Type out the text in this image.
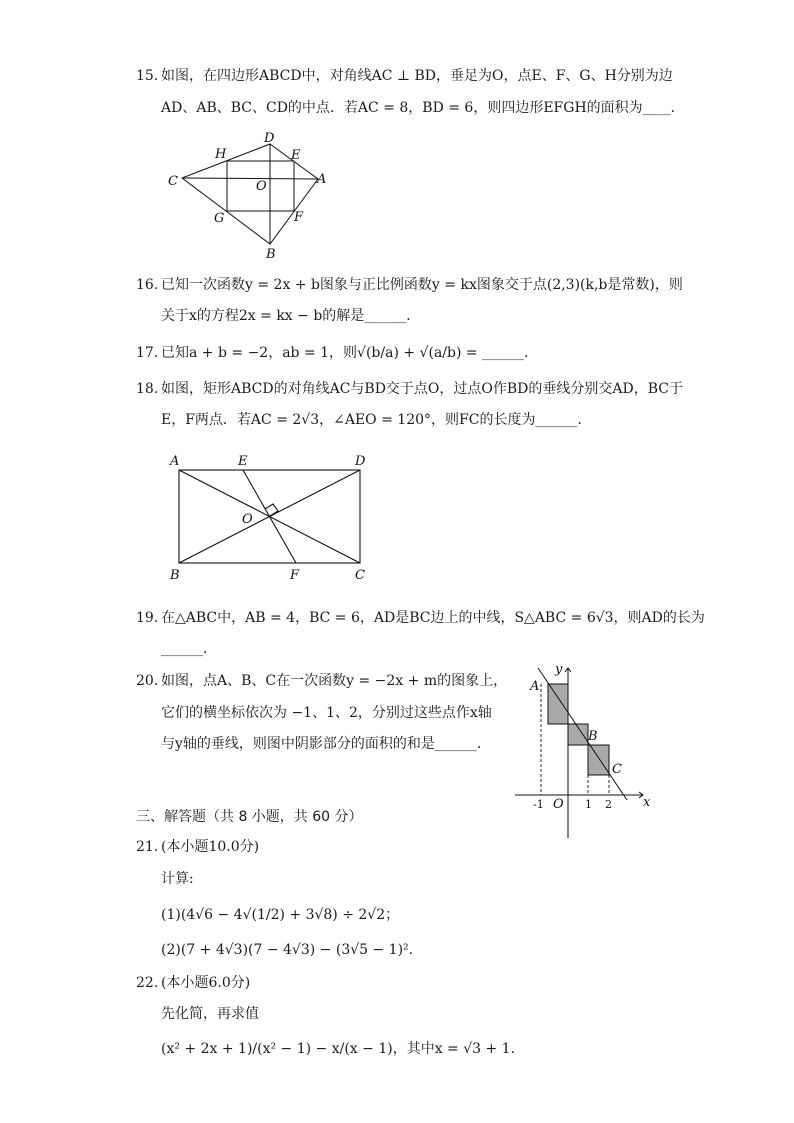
15. 如图，在四边形ABCD中，对角线AC ⊥ BD，垂足为O，点E、F、G、H分别为边
AD、AB、BC、CD的中点．若AC = 8，BD = 6，则四边形EFGH的面积为____．
D
H	E
C	O	A
G	F
B
16. 已知一次函数y = 2x + b图象与正比例函数y = kx图象交于点(2,3)(k,b是常数)，则
关于x的方程2x = kx − b的解是______．
17. 已知a + b = −2，ab = 1，则√(b/a) + √(a/b) = ______．
18. 如图，矩形ABCD的对角线AC与BD交于点O，过点O作BD的垂线分别交AD，BC于
E，F两点．若AC = 2√3，∠AEO = 120°，则FC的长度为______．
A	E	D
O
B	F	C
19. 在△ABC中，AB = 4，BC = 6，AD是BC边上的中线，S△ABC = 6√3，则AD的长为
______．
20. 如图，点A、B、C在一次函数y = −2x + m的图象上，
它们的横坐标依次为 −1、1、2，分别过这些点作x轴
与y轴的垂线，则图中阴影部分的面积的和是______．
y
x
A
B
C
O
-1	1 2
三、解答题（共 8 小题，共 60 分）
21. (本小题10.0分)
计算:
(1)(4√6 − 4√(1/2) + 3√8) ÷ 2√2；
(2)(7 + 4√3)(7 − 4√3) − (3√5 − 1)².
22. (本小题6.0分)
先化简，再求值
(x² + 2x + 1)/(x² − 1) − x/(x − 1)，其中x = √3 + 1.
